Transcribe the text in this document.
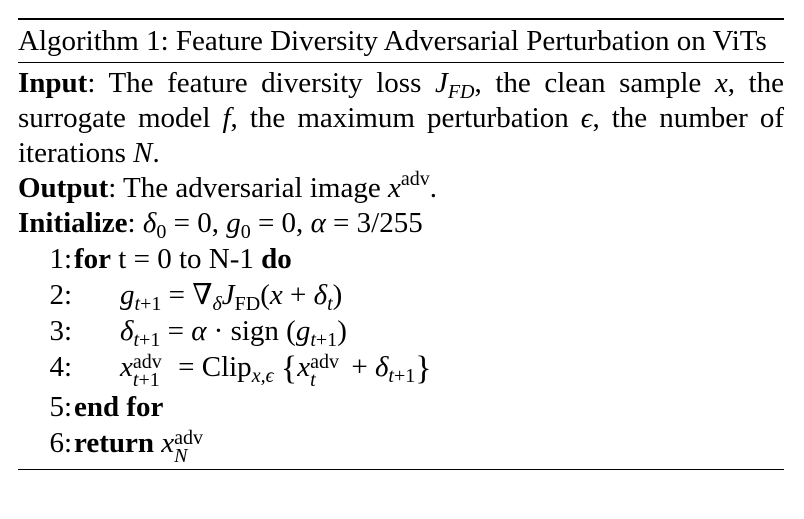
Algorithm 1: Feature Diversity Adversarial Perturbation on ViTs
Input: The feature diversity loss $J_{FD}$, the clean sample x, the surrogate model f, the maximum perturbation ϵ, the number of iterations N.
Output: The adversarial image $x^{adv}$.
Initialize: $\delta_0 = 0$, $g_0 = 0$, α = 3/255
1: for t = 0 to N-1 do
2: $g_{t+1} = \nabla_\delta J_{FD}(x + \delta_t)$
3: $\delta_{t+1} = \alpha$ · sign $(g_{t+1})$
4: x adv
t+1 = Clip$_{x,\epsilon}$ {x adv
$t + \delta_{t+1}$}
5: end for
6: return x adv
N
